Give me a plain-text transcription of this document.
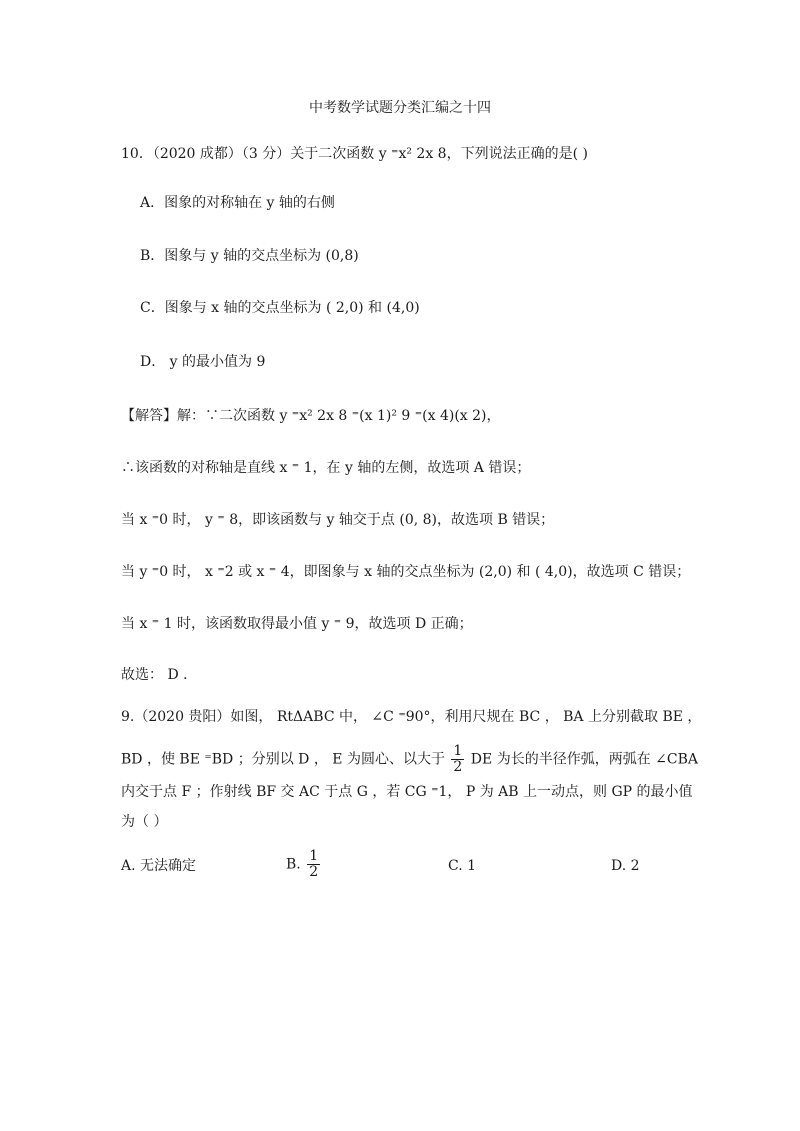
中考数学试题分类汇编之十四
10．（2020 成都）（3 分）关于二次函数 y ⁼x² 2x 8，下列说法正确的是( )
A．图象的对称轴在 y 轴的右侧
B．图象与 y 轴的交点坐标为 (0,8)
C．图象与 x 轴的交点坐标为 ( 2,0) 和 (4,0)
D． y 的最小值为 9
【解答】解：∵二次函数 y ⁼x² 2x 8 ⁼(x 1)² 9 ⁼(x 4)(x 2)，
∴该函数的对称轴是直线 x ⁼ 1，在 y 轴的左侧，故选项 A 错误；
当 x ⁼0 时， y ⁼ 8，即该函数与 y 轴交于点 (0, 8)，故选项 B 错误；
当 y ⁼0 时， x ⁼2 或 x ⁼ 4，即图象与 x 轴的交点坐标为 (2,0) 和 ( 4,0)，故选项 C 错误；
当 x ⁼ 1 时，该函数取得最小值 y ⁼ 9，故选项 D 正确；
故选： D ．
9.（2020 贵阳）如图， RtΔABC 中， ∠C ⁼90°，利用尺规在 BC ， BA 上分别截取 BE ，
BD ，使 BE ⁼BD ；分别以 D ， E 为圆心、以大于 $\frac{1}{2}$ DE 为长的半径作弧，两弧在 ∠CBA
内交于点 F ；作射线 BF 交 AC 于点 G ，若 CG ⁼1， P 为 AB 上一动点，则 GP 的最小值
为（ ）
A. 无法确定	B. $\frac{1}{2}$	C. 1	D. 2
